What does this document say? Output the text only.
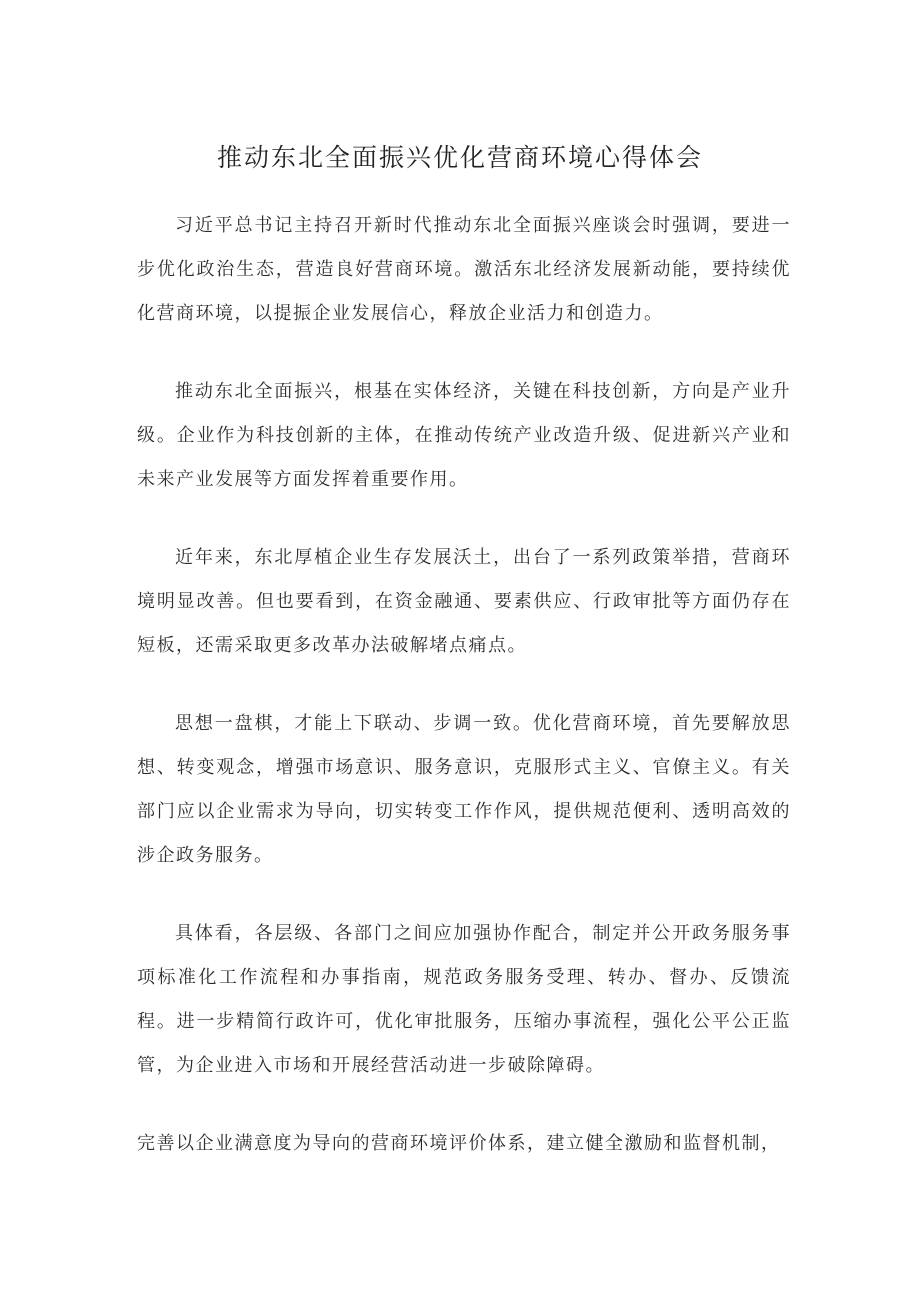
推动东北全面振兴优化营商环境心得体会

习近平总书记主持召开新时代推动东北全面振兴座谈会时强调，要进一步优化政治生态，营造良好营商环境。激活东北经济发展新动能，要持续优化营商环境，以提振企业发展信心，释放企业活力和创造力。

推动东北全面振兴，根基在实体经济，关键在科技创新，方向是产业升级。企业作为科技创新的主体，在推动传统产业改造升级、促进新兴产业和未来产业发展等方面发挥着重要作用。

近年来，东北厚植企业生存发展沃土，出台了一系列政策举措，营商环境明显改善。但也要看到，在资金融通、要素供应、行政审批等方面仍存在短板，还需采取更多改革办法破解堵点痛点。

思想一盘棋，才能上下联动、步调一致。优化营商环境，首先要解放思想、转变观念，增强市场意识、服务意识，克服形式主义、官僚主义。有关部门应以企业需求为导向，切实转变工作作风，提供规范便利、透明高效的涉企政务服务。

具体看，各层级、各部门之间应加强协作配合，制定并公开政务服务事项标准化工作流程和办事指南，规范政务服务受理、转办、督办、反馈流程。进一步精简行政许可，优化审批服务，压缩办事流程，强化公平公正监管，为企业进入市场和开展经营活动进一步破除障碍。

完善以企业满意度为导向的营商环境评价体系，建立健全激励和监督机制，
